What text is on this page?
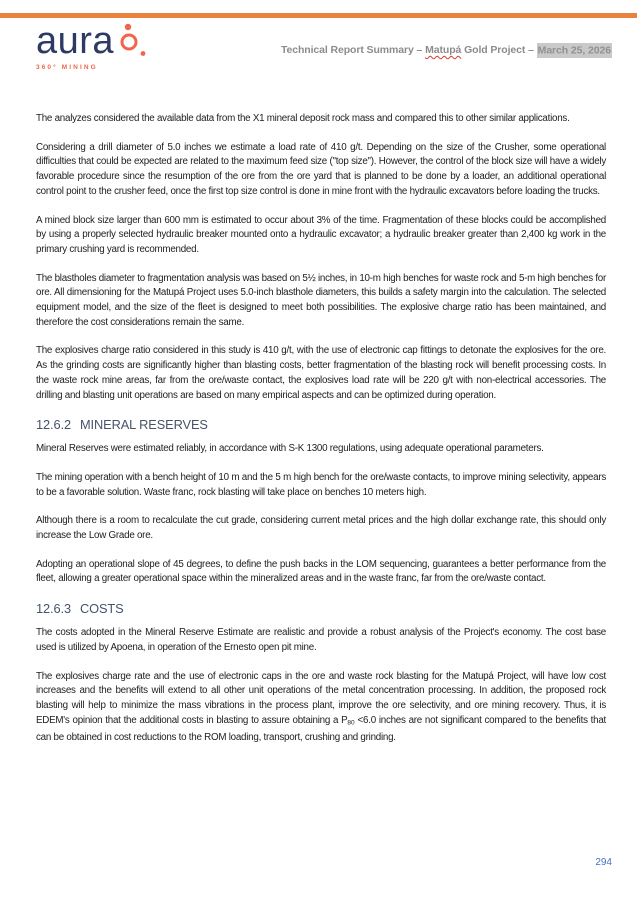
aura
360° MINING
Technical Report Summary – Matupá Gold Project – March 25, 2026

The analyzes considered the available data from the X1 mineral deposit rock mass and compared this to other similar applications.

Considering a drill diameter of 5.0 inches we estimate a load rate of 410 g/t. Depending on the size of the Crusher, some operational difficulties that could be expected are related to the maximum feed size ("top size"). However, the control of the block size will have a widely favorable procedure since the resumption of the ore from the ore yard that is planned to be done by a loader, an additional operational control point to the crusher feed, once the first top size control is done in mine front with the hydraulic excavators before loading the trucks.

A mined block size larger than 600 mm is estimated to occur about 3% of the time. Fragmentation of these blocks could be accomplished by using a properly selected hydraulic breaker mounted onto a hydraulic excavator; a hydraulic breaker greater than 2,400 kg work in the primary crushing yard is recommended.

The blastholes diameter to fragmentation analysis was based on 5½ inches, in 10-m high benches for waste rock and 5-m high benches for ore. All dimensioning for the Matupá Project uses 5.0-inch blasthole diameters, this builds a safety margin into the calculation. The selected equipment model, and the size of the fleet is designed to meet both possibilities. The explosive charge ratio has been maintained, and therefore the cost considerations remain the same.

The explosives charge ratio considered in this study is 410 g/t, with the use of electronic cap fittings to detonate the explosives for the ore. As the grinding costs are significantly higher than blasting costs, better fragmentation of the blasting rock will benefit processing costs. In the waste rock mine areas, far from the ore/waste contact, the explosives load rate will be 220 g/t with non-electrical accessories. The drilling and blasting unit operations are based on many empirical aspects and can be optimized during operation.

12.6.2 MINERAL RESERVES

Mineral Reserves were estimated reliably, in accordance with S-K 1300 regulations, using adequate operational parameters.

The mining operation with a bench height of 10 m and the 5 m high bench for the ore/waste contacts, to improve mining selectivity, appears to be a favorable solution. Waste franc, rock blasting will take place on benches 10 meters high.

Although there is a room to recalculate the cut grade, considering current metal prices and the high dollar exchange rate, this should only increase the Low Grade ore.

Adopting an operational slope of 45 degrees, to define the push backs in the LOM sequencing, guarantees a better performance from the fleet, allowing a greater operational space within the mineralized areas and in the waste franc, far from the ore/waste contact.

12.6.3 COSTS

The costs adopted in the Mineral Reserve Estimate are realistic and provide a robust analysis of the Project's economy. The cost base used is utilized by Apoena, in operation of the Ernesto open pit mine.

The explosives charge rate and the use of electronic caps in the ore and waste rock blasting for the Matupá Project, will have low cost increases and the benefits will extend to all other unit operations of the metal concentration processing. In addition, the proposed rock blasting will help to minimize the mass vibrations in the process plant, improve the ore selectivity, and ore mining recovery. Thus, it is EDEM's opinion that the additional costs in blasting to assure obtaining a $P_{80} <6.0$ inches are not significant compared to the benefits that can be obtained in cost reductions to the ROM loading, transport, crushing and grinding.

294
